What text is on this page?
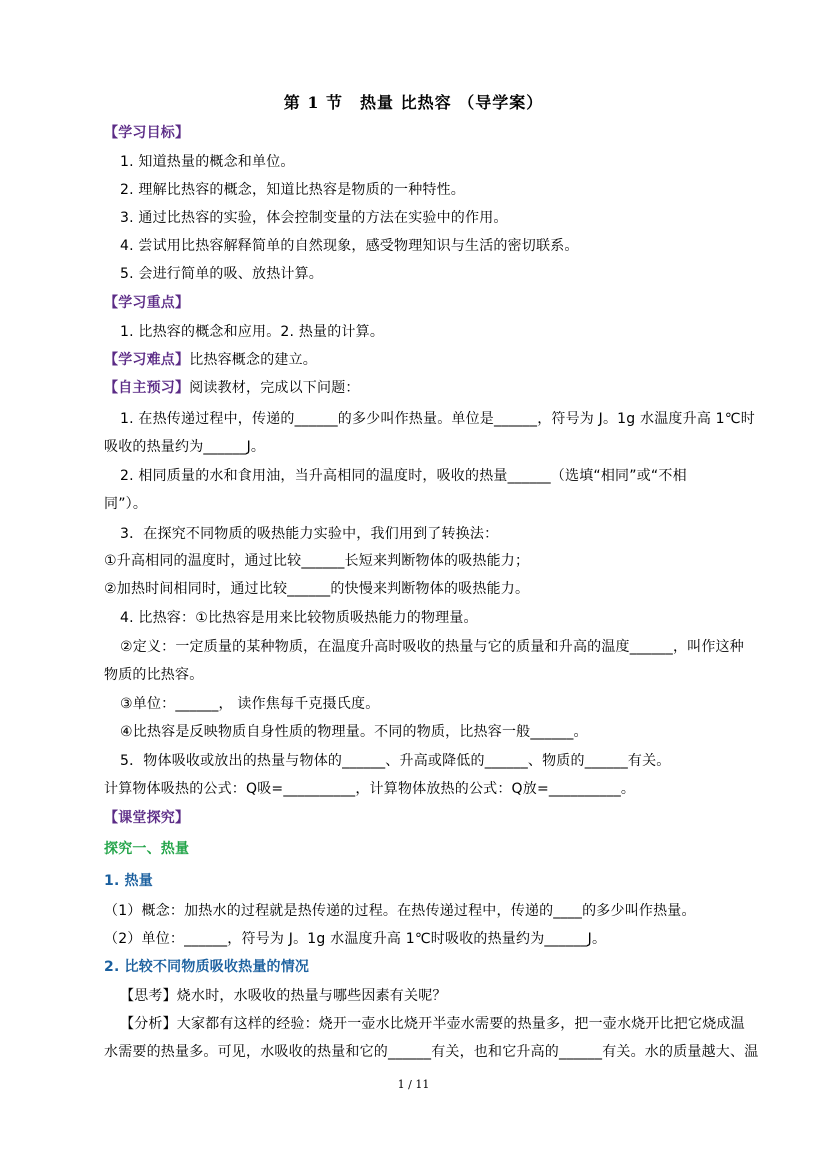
第 1 节　热量 比热容 （导学案）
【学习目标】
1. 知道热量的概念和单位。
2. 理解比热容的概念，知道比热容是物质的一种特性。
3. 通过比热容的实验，体会控制变量的方法在实验中的作用。
4. 尝试用比热容解释简单的自然现象，感受物理知识与生活的密切联系。
5. 会进行简单的吸、放热计算。
【学习重点】
1. 比热容的概念和应用。2. 热量的计算。
【学习难点】比热容概念的建立。
【自主预习】阅读教材，完成以下问题：
1. 在热传递过程中，传递的______的多少叫作热量。单位是______，符号为 J。1g 水温度升高 1℃时
吸收的热量约为______J。
2. 相同质量的水和食用油，当升高相同的温度时，吸收的热量______（选填“相同”或“不相
同”）。
3．在探究不同物质的吸热能力实验中，我们用到了转换法：
①升高相同的温度时，通过比较______长短来判断物体的吸热能力；
②加热时间相同时，通过比较______的快慢来判断物体的吸热能力。
4. 比热容：①比热容是用来比较物质吸热能力的物理量。
②定义：一定质量的某种物质，在温度升高时吸收的热量与它的质量和升高的温度______，叫作这种
物质的比热容。
③单位：______， 读作焦每千克摄氏度。
④比热容是反映物质自身性质的物理量。不同的物质，比热容一般______。
5．物体吸收或放出的热量与物体的______、升高或降低的______、物质的______有关。
计算物体吸热的公式：Q吸=__________，计算物体放热的公式：Q放=__________。
【课堂探究】
探究一、热量
1. 热量
（1）概念：加热水的过程就是热传递的过程。在热传递过程中，传递的____的多少叫作热量。
（2）单位：______，符号为 J。1g 水温度升高 1℃时吸收的热量约为______J。
2. 比较不同物质吸收热量的情况
【思考】烧水时，水吸收的热量与哪些因素有关呢？
【分析】大家都有这样的经验：烧开一壶水比烧开半壶水需要的热量多，把一壶水烧开比把它烧成温
水需要的热量多。可见，水吸收的热量和它的______有关，也和它升高的______有关。水的质量越大、温
1 / 11
